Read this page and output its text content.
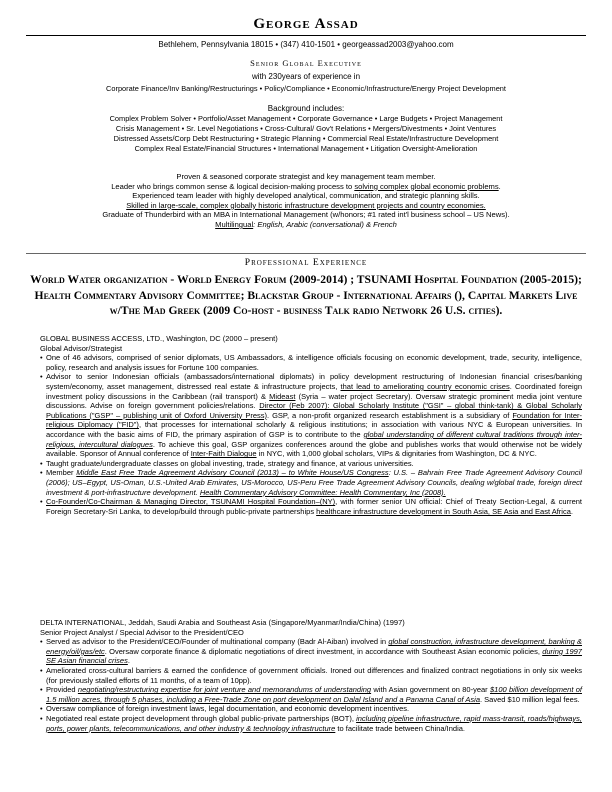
George Assad
Bethlehem, Pennsylvania 18015 • (347) 410-1501 • georgeassad2003@yahoo.com
Senior Global Executive
with 230years of experience in
Corporate Finance/Inv Banking/Restructurings • Policy/Compliance • Economic/Infrastructure/Energy Project Development
Background includes:
Complex Problem Solver • Portfolio/Asset Management • Corporate Governance • Large Budgets • Project Management
Crisis Management • Sr. Level Negotiations • Cross-Cultural/ Gov't Relations • Mergers/Divestments • Joint Ventures
Distressed Assets/Corp Debt Restructuring • Strategic Planning • Commercial Real Estate/Infrastructure Development
Complex Real Estate/Financial Structures • International Management • Litigation Oversight-Amelioration
Proven & seasoned corporate strategist and key management team member.
Leader who brings common sense & logical decision-making process to solving complex global economic problems.
Experienced team leader with highly developed analytical, communication, and strategic planning skills.
Skilled in large-scale, complex globally historic infrastructure development projects and country economies.
Graduate of Thunderbird with an MBA in International Management (w/honors; #1 rated int'l business school – US News).
Multilingual: English, Arabic (conversational) & French
Professional Experience
World Water organization - World Energy Forum (2009-2014) ; TSUNAMI Hospital Foundation (2005-2015); Health Commentary Advisory Committee; Blackstar Group - International Affairs (), Capital Markets Live w/The Mad Greek (2009 Co-host - business Talk radio Network 26 U.S. cities).
GLOBAL BUSINESS ACCESS, LTD., Washington, DC (2000 – present)
Global Advisor/Strategist
• One of 46 advisors, comprised of senior diplomats, US Ambassadors, & intelligence officials focusing on economic development, trade, security, intelligence, policy, research and analysis issues for Fortune 100 companies.
• Advisor to senior Indonesian officials (ambassadors/international diplomats) in policy development restructuring of Indonesian financial crises/banking system/economy, asset management, distressed real estate & infrastructure projects, that lead to ameliorating country economic crises. Coordinated foreign investment policy discussions in the Caribbean (rail transport) & Mideast (Syria – water project Secretary). Oversaw strategic prominent media joint venture discussions. Advise on foreign government policies/relations. Director (Feb 2007): Global Scholarly Institute ("GSI" – global think-tank) & Global Scholarly Publications ("GSP" – publishing unit of Oxford University Press). GSP, a non-profit organized research establishment is a subsidiary of Foundation for Inter-religious Diplomacy ("FID"), that processes for international scholarly & religious institutions; in association with various NYC & European universities. In accordance with the basic aims of FID, the primary aspiration of GSP is to contribute to the global understanding of different cultural traditions through inter-religious, intercultural dialogues. To achieve this goal, GSP organizes conferences around the globe and publishes works that would otherwise not be widely available. Sponsor of Annual conference of Inter-Faith Dialogue in NYC, with 1,000 global scholars, VIPs & dignitaries from Washington, DC & NYC.
• Taught graduate/undergraduate classes on global investing, trade, strategy and finance, at various universities.
• Member Middle East Free Trade Agreement Advisory Council (2013) – to White House/US Congress: U.S. – Bahrain Free Trade Agreement Advisory Council (2006); US–Egypt, US-Oman, U.S.-United Arab Emirates, US-Morocco, US-Peru Free Trade Agreement Advisory Councils, dealing w/global trade, foreign direct investment & port-infrastructure development. Health Commentary Advisory Committee: Health Commentary, Inc (2008).
• Co-Founder/Co-Chairman & Managing Director, TSUNAMI Hospital Foundation–(NY), with former senior UN official: Chief of Treaty Section-Legal, & current Foreign Secretary-Sri Lanka, to develop/build through public-private partnerships healthcare infrastructure development in South Asia, SE Asia and East Africa.
DELTA INTERNATIONAL, Jeddah, Saudi Arabia and Southeast Asia (Singapore/Myanmar/India/China) (1997)
Senior Project Analyst / Special Advisor to the President/CEO
• Served as advisor to the President/CEO/Founder of multinational company (Badr Al-Aiban) involved in global construction, infrastructure development, banking & energy/oil/gas/etc. Oversaw corporate finance & diplomatic negotiations of direct investment, in accordance with Southeast Asian economic policies, during 1997 SE Asian financial crises.
• Ameliorated cross-cultural barriers & earned the confidence of government officials. Ironed out differences and finalized contract negotiations in only six weeks (for previously stalled efforts of 11 months, of a team of 10pp).
• Provided negotiating/restructuring expertise for joint venture and memorandums of understanding with Asian government on 80-year $100 billion development of 1.5 million acres, through 5 phases, including a Free-Trade Zone on port development on Dalal Island and a Panama Canal of Asia. Saved $10 million legal fees.
• Oversaw compliance of foreign investment laws, legal documentation, and economic development incentives.
• Negotiated real estate project development through global public-private partnerships (BOT), including pipeline infrastructure, rapid mass-transit, roads/highways, ports, power plants, telecommunications, and other industry & technology infrastructure to facilitate trade between China/India.
